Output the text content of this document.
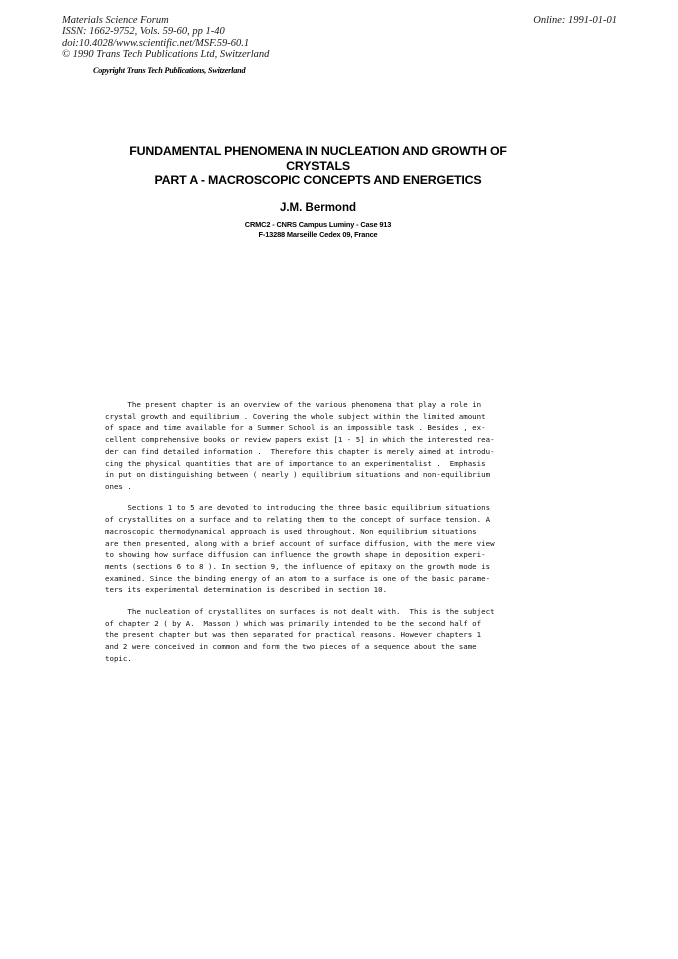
Materials Science Forum
ISSN: 1662-9752, Vols. 59-60, pp 1-40
doi:10.4028/www.scientific.net/MSF.59-60.1
© 1990 Trans Tech Publications Ltd, Switzerland
Online: 1991-01-01
Copyright Trans Tech Publications, Switzerland
FUNDAMENTAL PHENOMENA IN NUCLEATION AND GROWTH OF
CRYSTALS
PART A - MACROSCOPIC CONCEPTS AND ENERGETICS
J.M. Bermond
CRMC2 - CNRS Campus Luminy - Case 913
F-13288 Marseille Cedex 09, France
The present chapter is an overview of the various phenomena that play a role in
crystal growth and equilibrium . Covering the whole subject within the limited amount
of space and time available for a Summer School is an impossible task . Besides , ex-
cellent comprehensive books or review papers exist [1 - 5] in which the interested rea-
der can find detailed information .  Therefore this chapter is merely aimed at introdu-
cing the physical quantities that are of importance to an experimentalist .  Emphasis
in put on distinguishing between ( nearly ) equilibrium situations and non-equilibrium
ones .
Sections 1 to 5 are devoted to introducing the three basic equilibrium situations
of crystallites on a surface and to relating them to the concept of surface tension. A
macroscopic thermodynamical approach is used throughout. Non equilibrium situations
are then presented, along with a brief account of surface diffusion, with the mere view
to showing how surface diffusion can influence the growth shape in deposition experi-
ments (sections 6 to 8 ). In section 9, the influence of epitaxy on the growth mode is
examined. Since the binding energy of an atom to a surface is one of the basic parame-
ters its experimental determination is described in section 10.
The nucleation of crystallites on surfaces is not dealt with.  This is the subject
of chapter 2 ( by A.  Masson ) which was primarily intended to be the second half of
the present chapter but was then separated for practical reasons. However chapters 1
and 2 were conceived in common and form the two pieces of a sequence about the same
topic.
